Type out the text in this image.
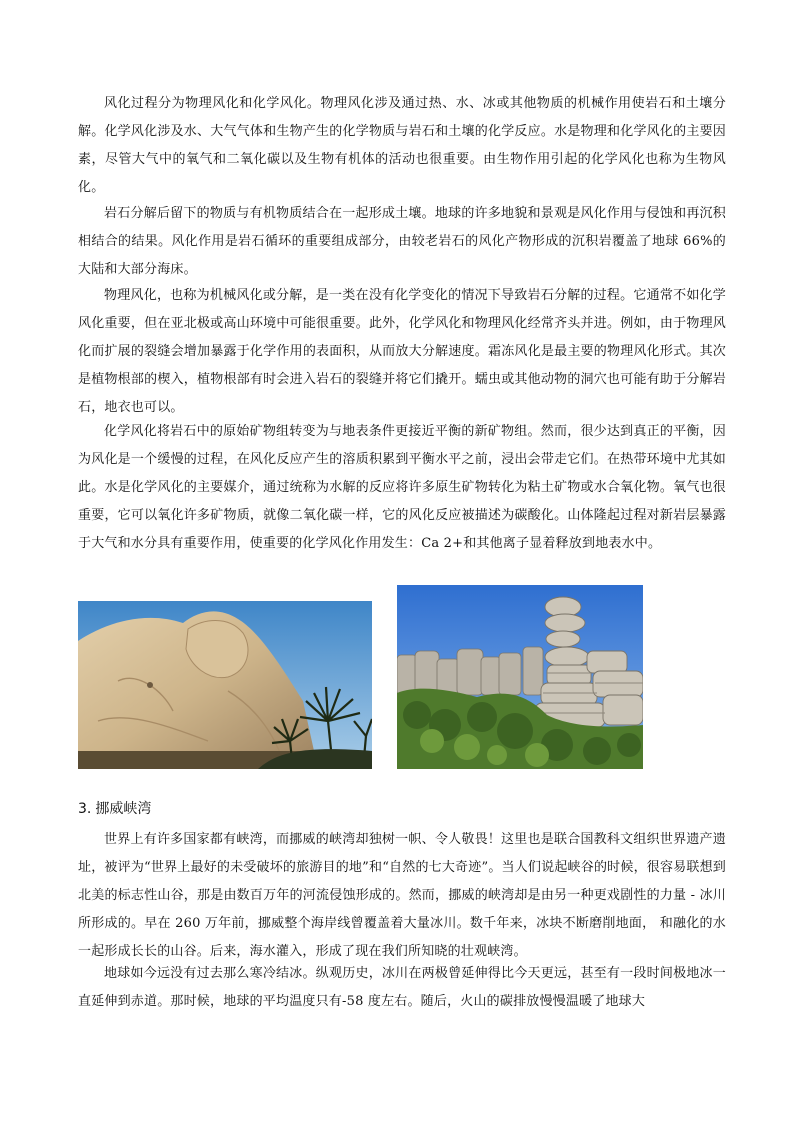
风化过程分为物理风化和化学风化。物理风化涉及通过热、水、冰或其他物质的机械作用使岩石和土壤分解。化学风化涉及水、大气气体和生物产生的化学物质与岩石和土壤的化学反应。水是物理和化学风化的主要因素，尽管大气中的氧气和二氧化碳以及生物有机体的活动也很重要。由生物作用引起的化学风化也称为生物风化。

岩石分解后留下的物质与有机物质结合在一起形成土壤。地球的许多地貌和景观是风化作用与侵蚀和再沉积相结合的结果。风化作用是岩石循环的重要组成部分，由较老岩石的风化产物形成的沉积岩覆盖了地球 66%的大陆和大部分海床。

物理风化，也称为机械风化或分解，是一类在没有化学变化的情况下导致岩石分解的过程。它通常不如化学风化重要，但在亚北极或高山环境中可能很重要。此外，化学风化和物理风化经常齐头并进。例如，由于物理风化而扩展的裂缝会增加暴露于化学作用的表面积，从而放大分解速度。霜冻风化是最主要的物理风化形式。其次是植物根部的楔入，植物根部有时会进入岩石的裂缝并将它们撬开。蠕虫或其他动物的洞穴也可能有助于分解岩石，地衣也可以。

化学风化将岩石中的原始矿物组转变为与地表条件更接近平衡的新矿物组。然而，很少达到真正的平衡，因为风化是一个缓慢的过程，在风化反应产生的溶质积累到平衡水平之前，浸出会带走它们。在热带环境中尤其如此。水是化学风化的主要媒介，通过统称为水解的反应将许多原生矿物转化为粘土矿物或水合氧化物。氧气也很重要，它可以氧化许多矿物质，就像二氧化碳一样，它的风化反应被描述为碳酸化。山体隆起过程对新岩层暴露于大气和水分具有重要作用，使重要的化学风化作用发生：Ca 2+和其他离子显着释放到地表水中。

3. 挪威峡湾

世界上有许多国家都有峡湾，而挪威的峡湾却独树一帜、令人敬畏！这里也是联合国教科文组织世界遗产遗址，被评为“世界上最好的未受破坏的旅游目的地”和“自然的七大奇迹”。当人们说起峡谷的时候，很容易联想到北美的标志性山谷，那是由数百万年的河流侵蚀形成的。然而，挪威的峡湾却是由另一种更戏剧性的力量 - 冰川所形成的。早在 260 万年前，挪威整个海岸线曾覆盖着大量冰川。数千年来，冰块不断磨削地面， 和融化的水一起形成长长的山谷。后来，海水灌入，形成了现在我们所知晓的壮观峡湾。

地球如今远没有过去那么寒冷结冰。纵观历史，冰川在两极曾延伸得比今天更远，甚至有一段时间极地冰一直延伸到赤道。那时候，地球的平均温度只有-58 度左右。随后，火山的碳排放慢慢温暖了地球大
